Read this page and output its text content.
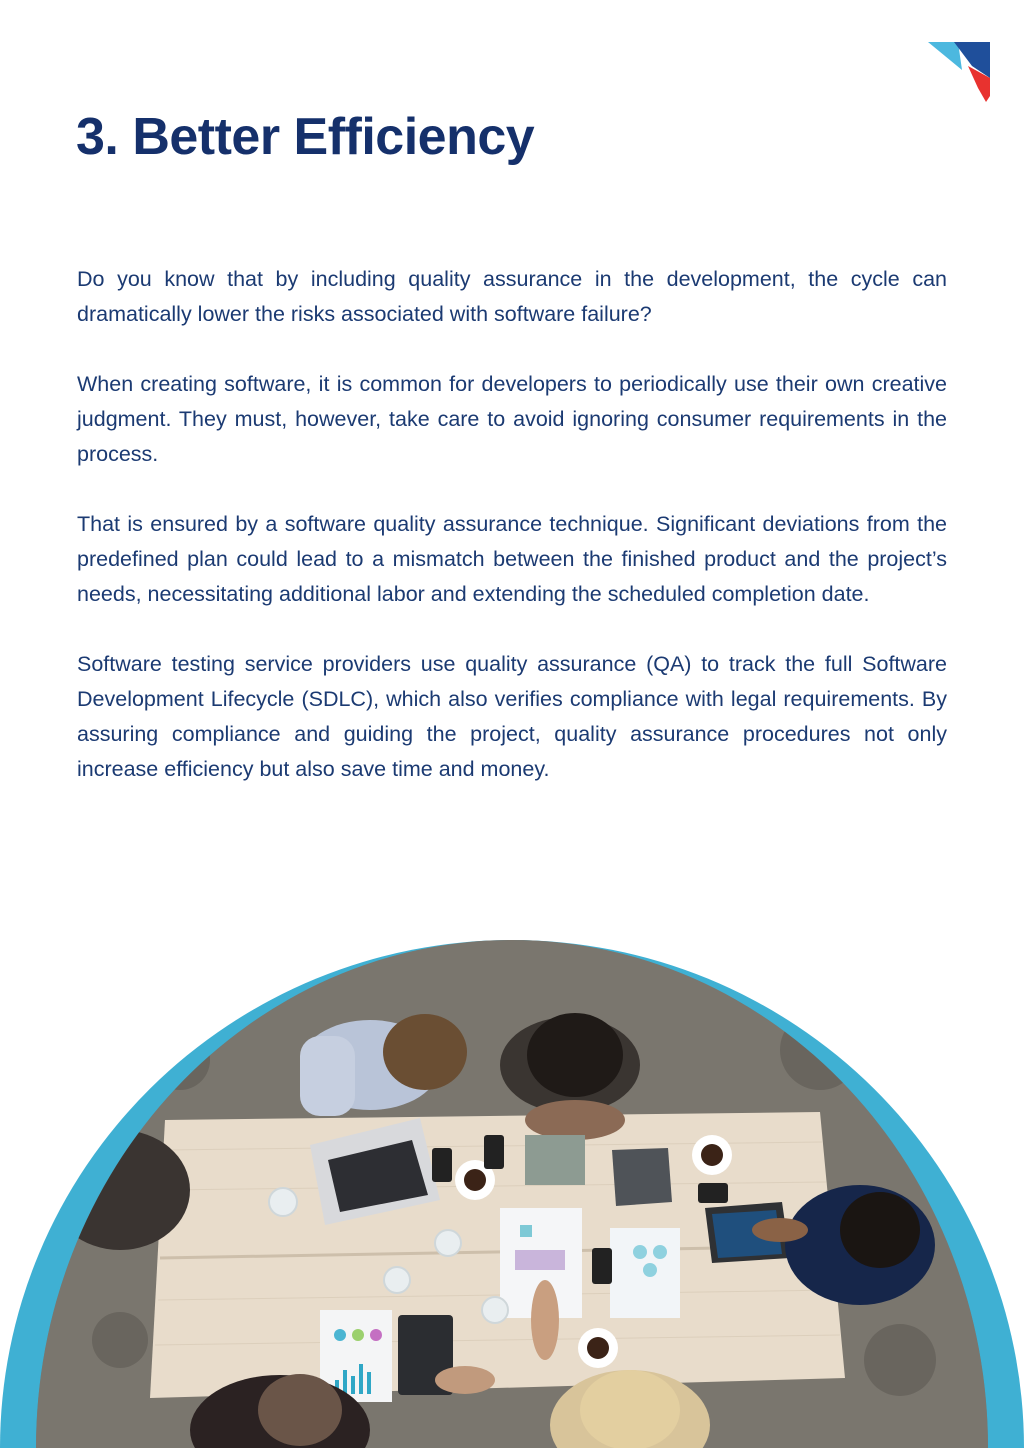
3. Better Efficiency

Do you know that by including quality assurance in the development, the cycle can dramatically lower the risks associated with software failure?

When creating software, it is common for developers to periodically use their own creative judgment. They must, however, take care to avoid ignoring consumer requirements in the process.

That is ensured by a software quality assurance technique. Significant deviations from the predefined plan could lead to a mismatch between the finished product and the project’s needs, necessitating additional labor and extending the scheduled completion date.

Software testing service providers use quality assurance (QA) to track the full Software Development Lifecycle (SDLC), which also verifies compliance with legal requirements. By assuring compliance and guiding the project, quality assurance procedures not only increase efficiency but also save time and money.
